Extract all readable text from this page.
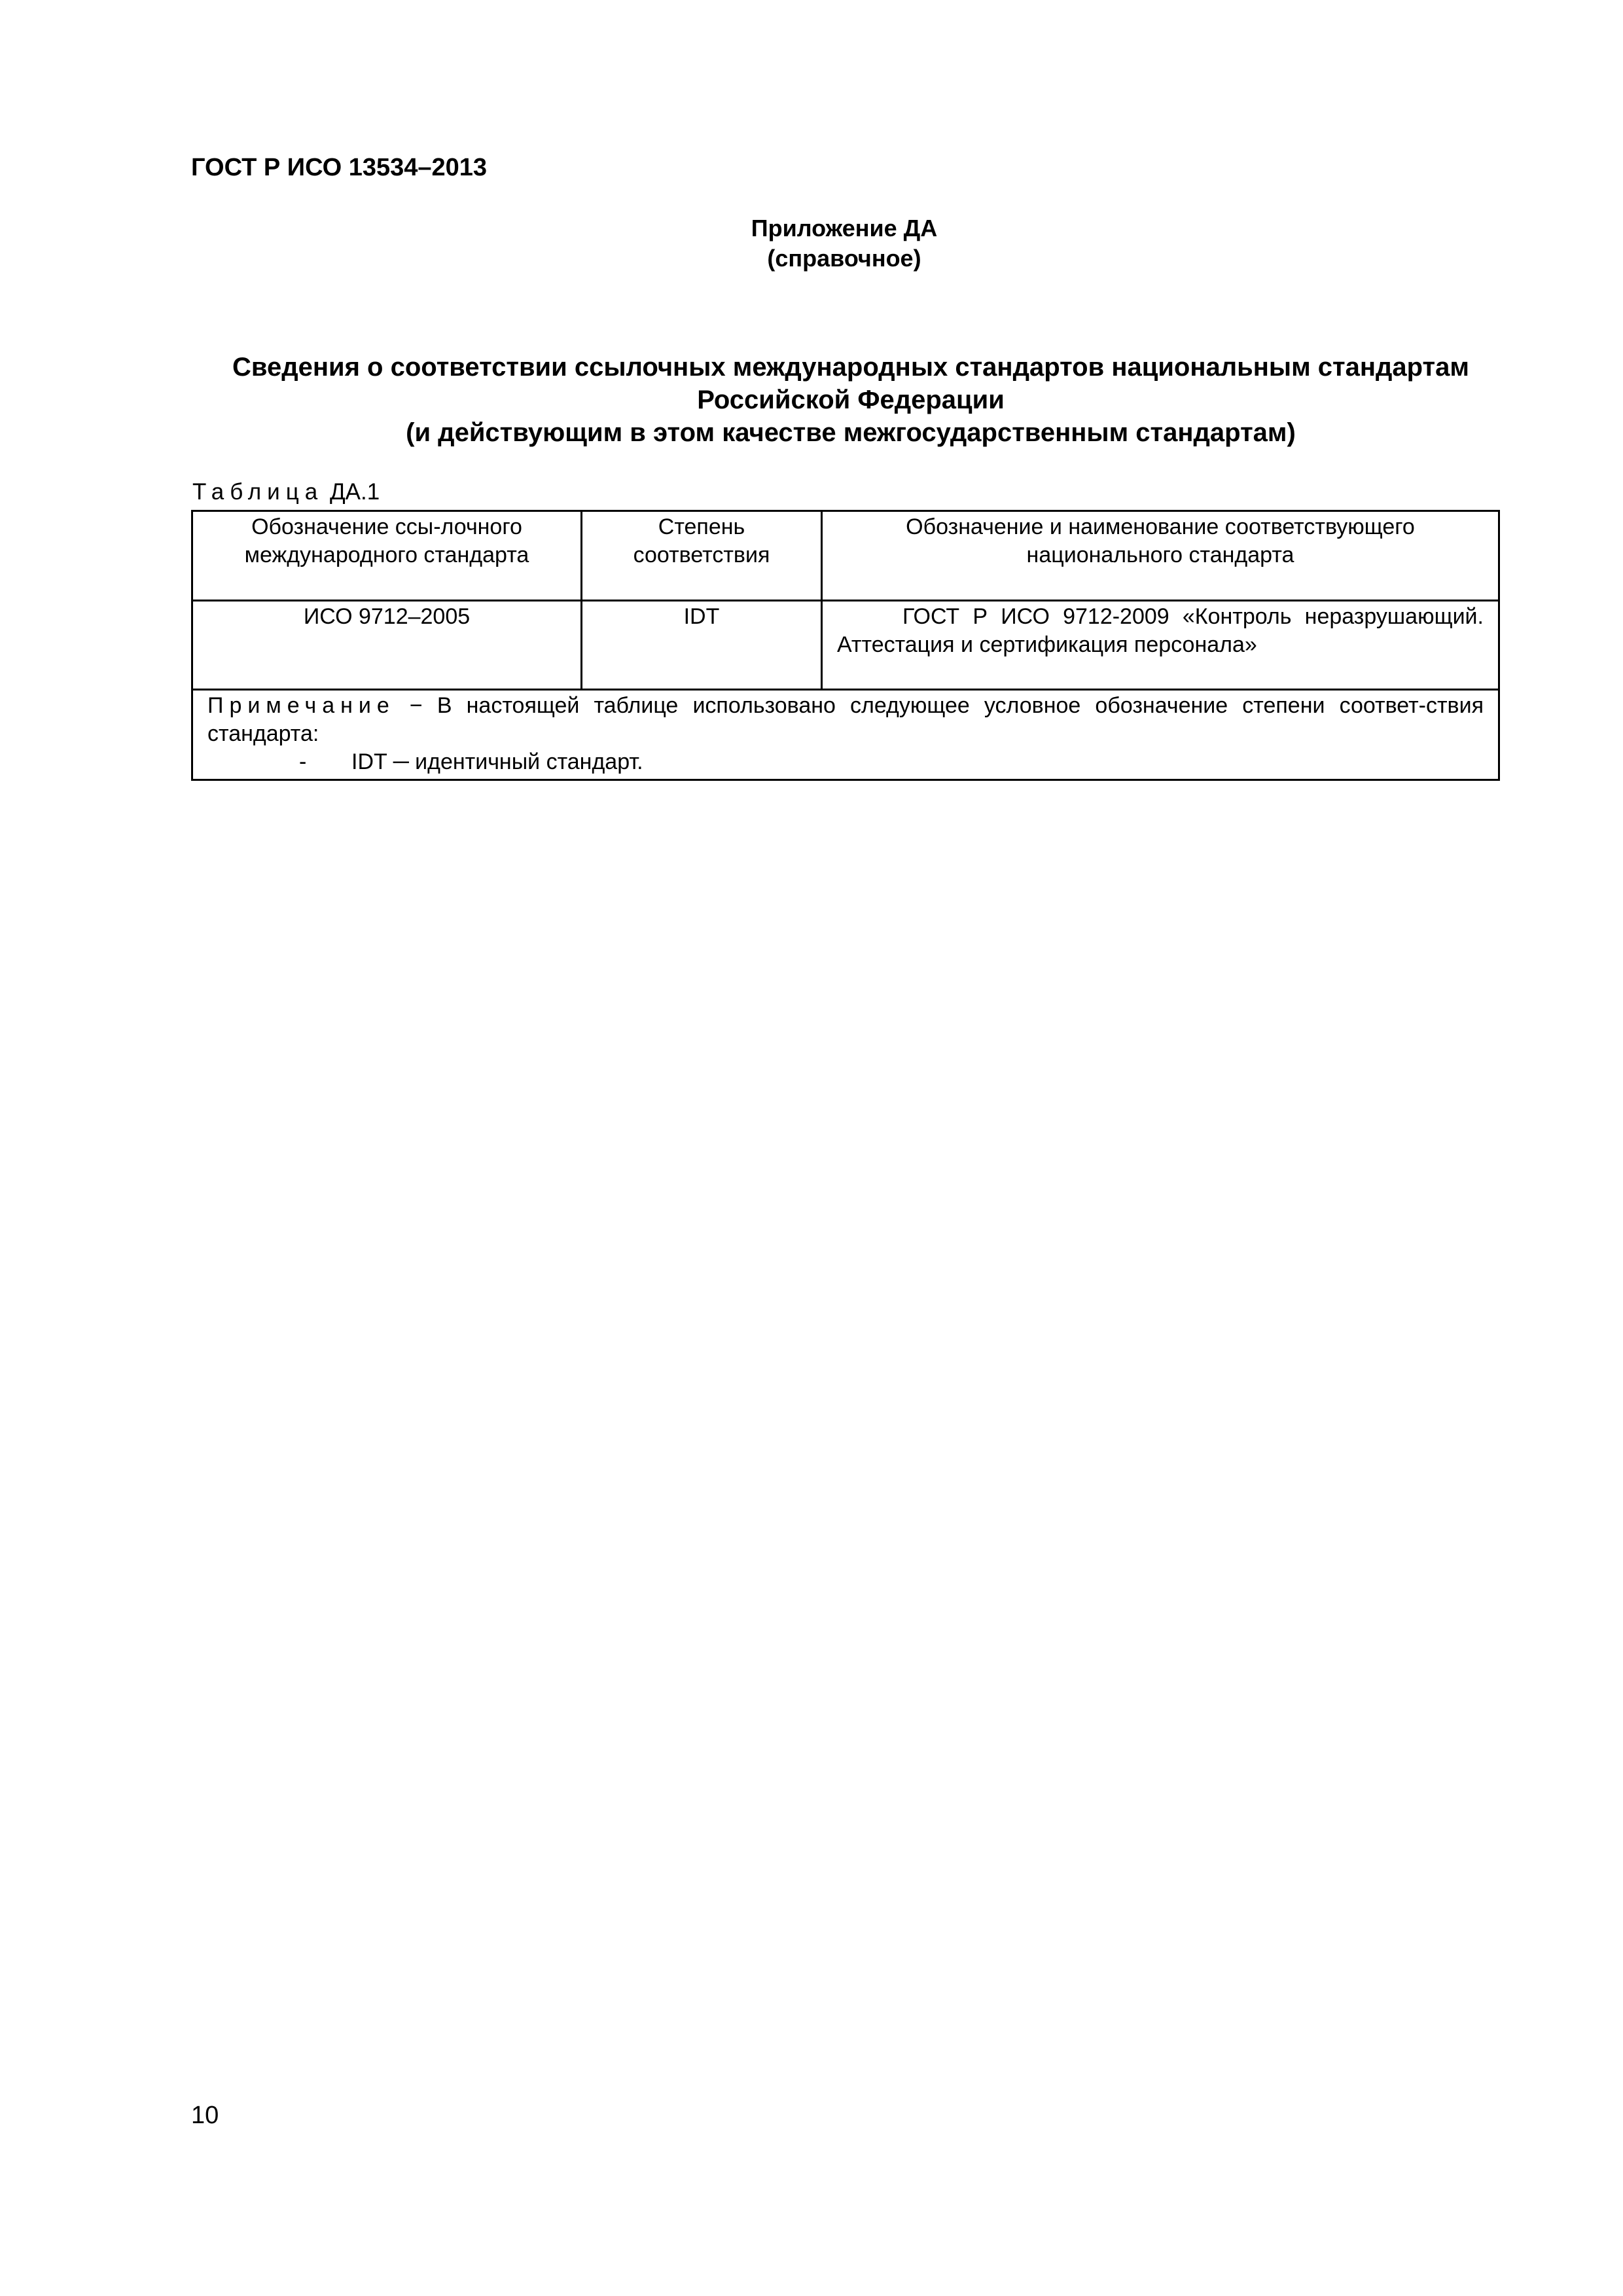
ГОСТ Р ИСО 13534–2013
Приложение ДА
(справочное)
Сведения о соответствии ссылочных международных стандартов национальным стандартам
Российской Федерации
(и действующим в этом качестве межгосударственным стандартам)
Таблица ДА.1
Обозначение ссы-лочного международного стандарта	Степень соответствия	Обозначение и наименование соответствующего национального стандарта
ИСО 9712–2005	IDT	ГОСТ Р ИСО 9712-2009 «Контроль неразрушающий. Аттестация и сертификация персонала»
Примечание − В настоящей таблице использовано следующее условное обозначение степени соответ-ствия стандарта:
- IDT ─ идентичный стандарт.		
10
